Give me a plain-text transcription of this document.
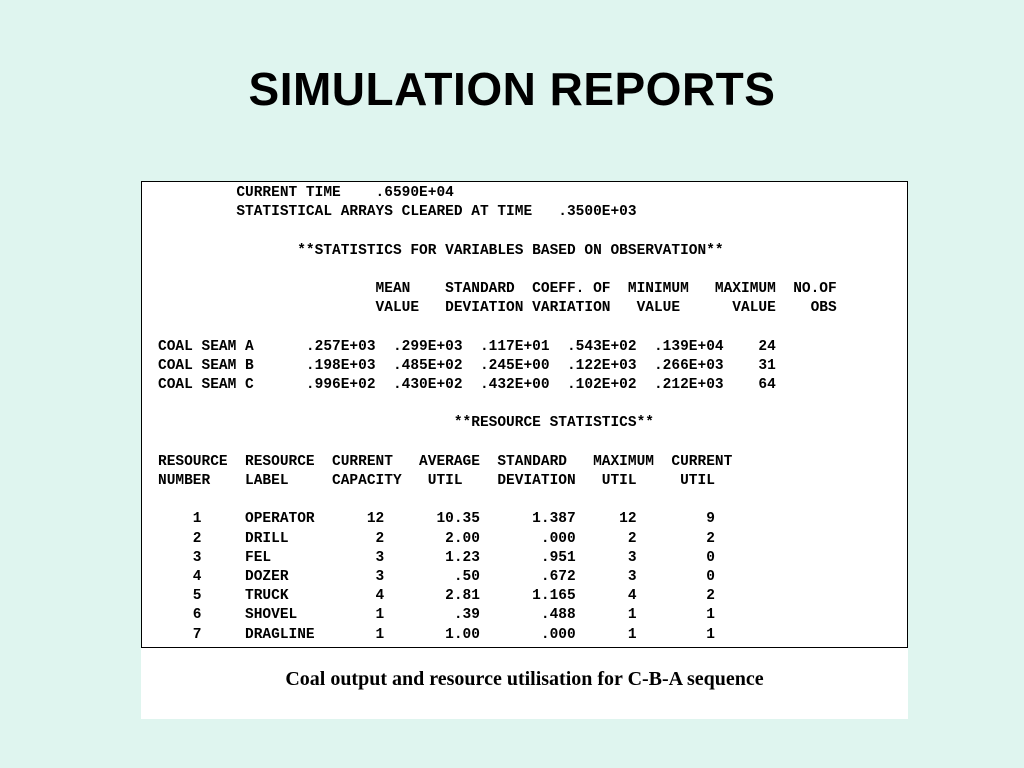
SIMULATION REPORTS
CURRENT TIME    .6590E+04
STATISTICAL ARRAYS CLEARED AT TIME   .3500E+03

**STATISTICS FOR VARIABLES BASED ON OBSERVATION**

MEAN    STANDARD  COEFF. OF  MINIMUM   MAXIMUM  NO.OF
VALUE   DEVIATION VARIATION   VALUE      VALUE    OBS

COAL SEAM A      .257E+03  .299E+03  .117E+01  .543E+02  .139E+04    24
COAL SEAM B      .198E+03  .485E+02  .245E+00  .122E+03  .266E+03    31
COAL SEAM C      .996E+02  .430E+02  .432E+00  .102E+02  .212E+03    64

**RESOURCE STATISTICS**

RESOURCE  RESOURCE  CURRENT   AVERAGE  STANDARD   MAXIMUM  CURRENT
NUMBER    LABEL     CAPACITY   UTIL    DEVIATION   UTIL     UTIL

1     OPERATOR      12      10.35      1.387     12        9
2     DRILL          2       2.00       .000      2        2
3     FEL            3       1.23       .951      3        0
4     DOZER          3        .50       .672      3        0
5     TRUCK          4       2.81      1.165      4        2
6     SHOVEL         1        .39       .488      1        1
7     DRAGLINE       1       1.00       .000      1        1
Coal output and resource utilisation for C-B-A sequence
